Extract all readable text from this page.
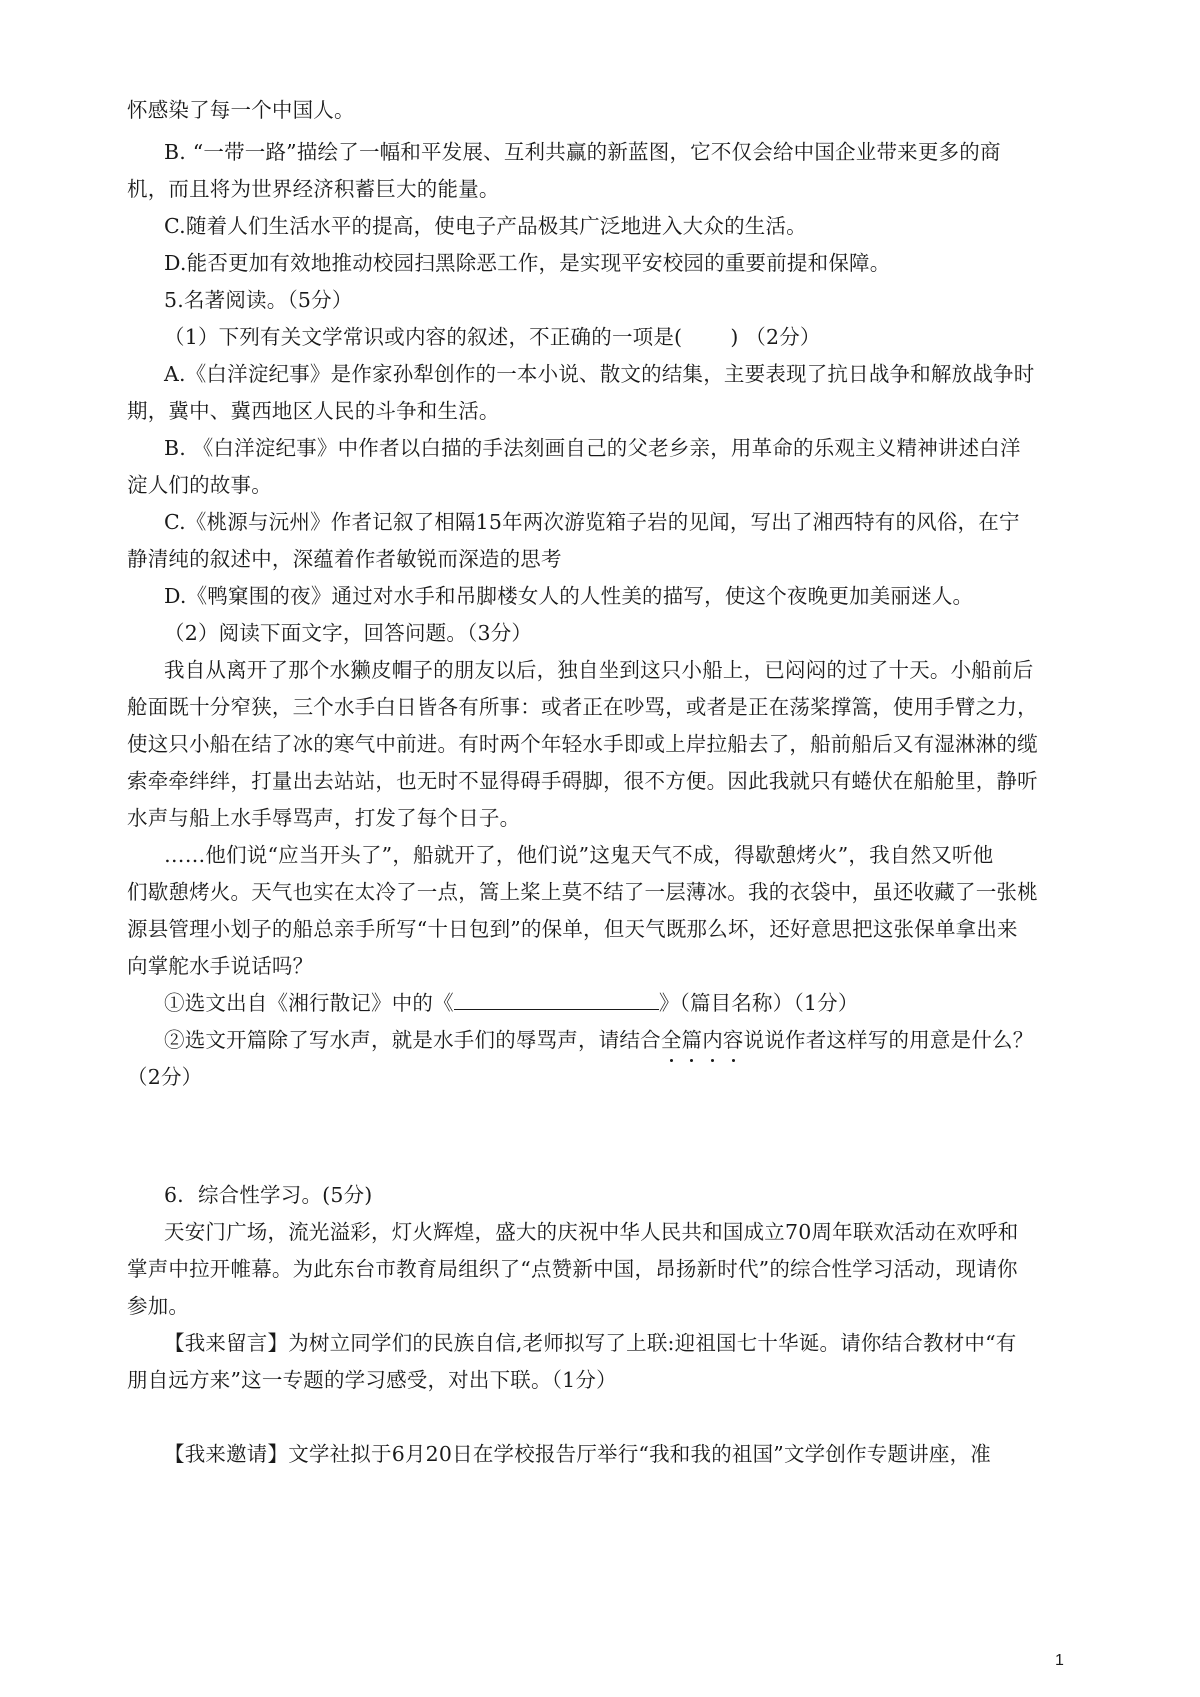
怀感染了每一个中国人。
B. “一带一路”描绘了一幅和平发展、互利共赢的新蓝图，它不仅会给中国企业带来更多的商
机，而且将为世界经济积蓄巨大的能量。
C.随着人们生活水平的提高，使电子产品极其广泛地进入大众的生活。
D.能否更加有效地推动校园扫黑除恶工作，是实现平安校园的重要前提和保障。
5.名著阅读。（5分）
（1）下列有关文学常识或内容的叙述，不正确的一项是(　　 ) （2分）
A.《白洋淀纪事》是作家孙犁创作的一本小说、散文的结集，主要表现了抗日战争和解放战争时
期，冀中、冀西地区人民的斗争和生活。
B. 《白洋淀纪事》中作者以白描的手法刻画自己的父老乡亲，用革命的乐观主义精神讲述白洋
淀人们的故事。
C.《桃源与沅州》作者记叙了相隔15年两次游览箱子岩的见闻，写出了湘西特有的风俗，在宁
静清纯的叙述中，深蕴着作者敏锐而深造的思考
D.《鸭窠围的夜》通过对水手和吊脚楼女人的人性美的描写，使这个夜晚更加美丽迷人。
（2）阅读下面文字，回答问题。（3分）
我自从离开了那个水獭皮帽子的朋友以后，独自坐到这只小船上，已闷闷的过了十天。小船前后
舱面既十分窄狭，三个水手白日皆各有所事：或者正在吵骂，或者是正在荡桨撑篙，使用手臂之力，
使这只小船在结了冰的寒气中前进。有时两个年轻水手即或上岸拉船去了，船前船后又有湿淋淋的缆
索牵牵绊绊，打量出去站站，也无时不显得碍手碍脚，很不方便。因此我就只有蜷伏在船舱里，静听
水声与船上水手辱骂声，打发了每个日子。
……他们说“应当开头了”，船就开了，他们说”这鬼天气不成，得歇憩烤火”，我自然又听他
们歇憩烤火。天气也实在太冷了一点，篙上桨上莫不结了一层薄冰。我的衣袋中，虽还收藏了一张桃
源县管理小划子的船总亲手所写“十日包到”的保单，但天气既那么坏，还好意思把这张保单拿出来
向掌舵水手说话吗？
①选文出自《湘行散记》中的《	》（篇目名称）（1分）
②选文开篇除了写水声，就是水手们的辱骂声，请结合全篇内容说说作者这样写的用意是什么？
（2分）
6．综合性学习。(5分)
天安门广场，流光溢彩，灯火辉煌，盛大的庆祝中华人民共和国成立70周年联欢活动在欢呼和
掌声中拉开帷幕。为此东台市教育局组织了“点赞新中国，昂扬新时代”的综合性学习活动，现请你
参加。
【我来留言】为树立同学们的民族自信,老师拟写了上联:迎祖国七十华诞。请你结合教材中“有
朋自远方来”这一专题的学习感受，对出下联。（1分）
【我来邀请】文学社拟于6月20日在学校报告厅举行“我和我的祖国”文学创作专题讲座，准
1
